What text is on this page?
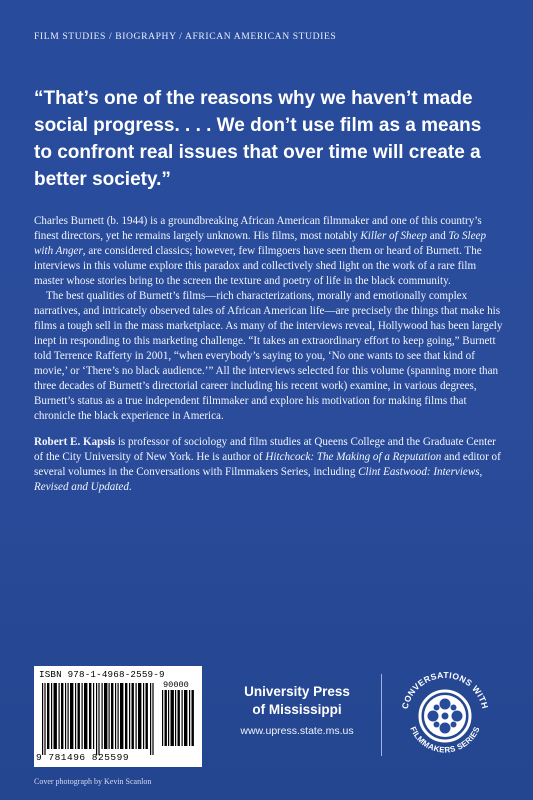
FILM STUDIES / BIOGRAPHY / AFRICAN AMERICAN STUDIES
“That’s one of the reasons why we haven’t made social progress. . . . We don’t use film as a means to confront real issues that over time will create a better society.”

Charles Burnett (b. 1944) is a groundbreaking African American filmmaker and one of this country’s finest directors, yet he remains largely unknown. His films, most notably Killer of Sheep and To Sleep with Anger, are considered classics; however, few filmgoers have seen them or heard of Burnett. The interviews in this volume explore this paradox and collectively shed light on the work of a rare film master whose stories bring to the screen the texture and poetry of life in the black community.

The best qualities of Burnett’s films—rich characterizations, morally and emotionally complex narratives, and intricately observed tales of African American life—are precisely the things that make his films a tough sell in the mass marketplace. As many of the interviews reveal, Hollywood has been largely inept in responding to this marketing challenge. “It takes an extraordinary effort to keep going,” Burnett told Terrence Rafferty in 2001, “when everybody’s saying to you, ‘No one wants to see that kind of movie,’ or ‘There’s no black audience.’” All the interviews selected for this volume (spanning more than three decades of Burnett’s directorial career including his recent work) examine, in various degrees, Burnett’s status as a true independent filmmaker and explore his motivation for making films that chronicle the black experience in America.

Robert E. Kapsis is professor of sociology and film studies at Queens College and the Graduate Center of the City University of New York. He is author of Hitchcock: The Making of a Reputation and editor of several volumes in the Conversations with Filmmakers Series, including Clint Eastwood: Interviews, Revised and Updated.

ISBN 978-1-4968-2559-9
90000
9 781496 825599
University Press
of Mississippi
www.upress.state.ms.us
CONVERSATIONS WITH
FILMMAKERS SERIES
Cover photograph by Kevin Scanlon
